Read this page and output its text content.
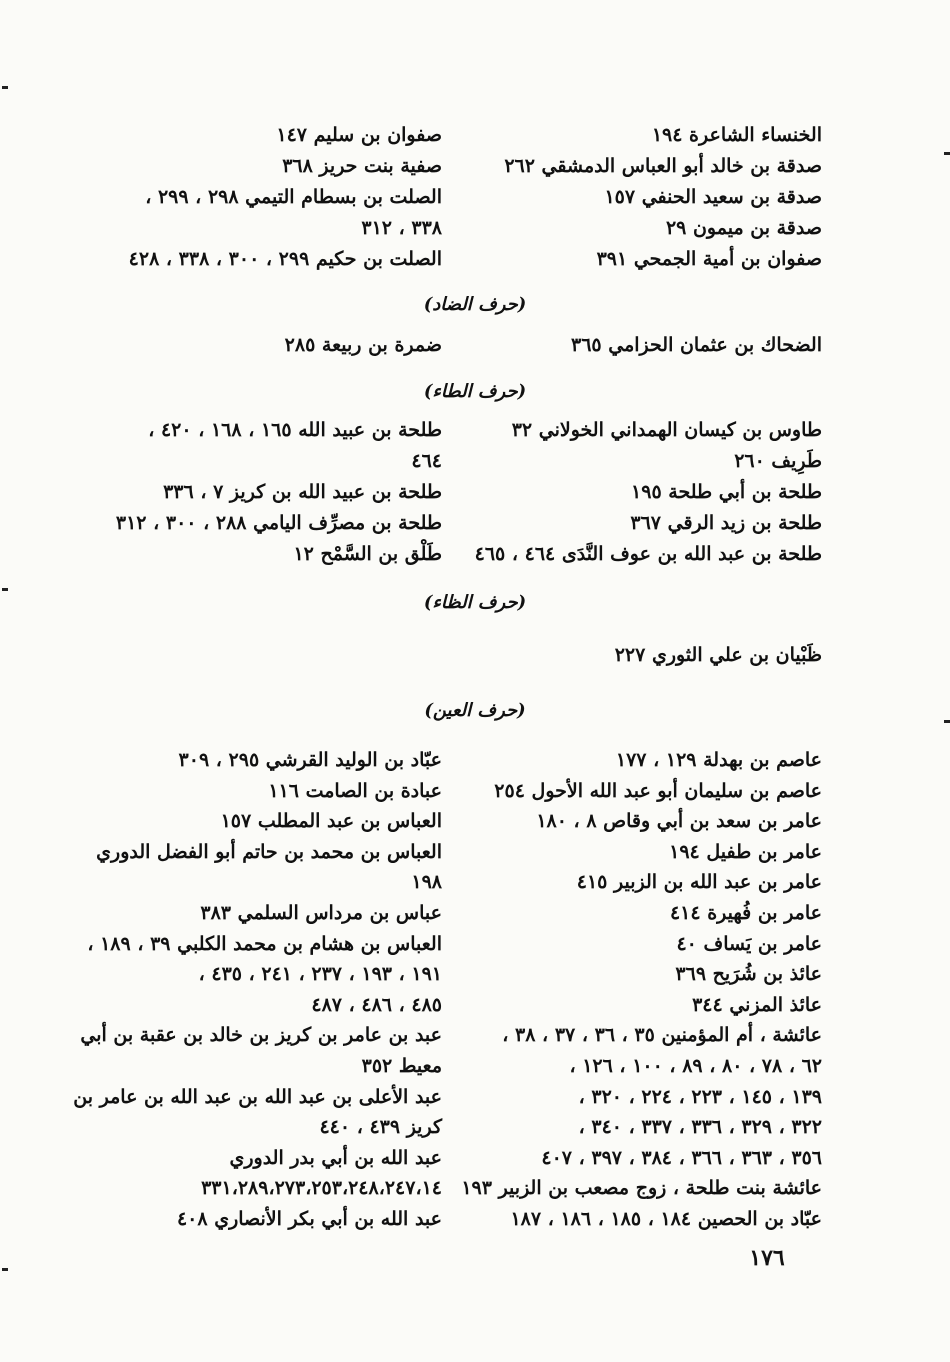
الخنساء الشاعرة ١٩٤
صدقة بن خالد أبو العباس الدمشقي ٢٦٢
صدقة بن سعيد الحنفي ١٥٧
صدقة بن ميمون ٢٩
صفوان بن أمية الجمحي ٣٩١
صفوان بن سليم ١٤٧
صفية بنت حريز ٣٦٨
الصلت بن بسطام التيمي ٢٩٨ ، ٢٩٩ ،
٣٣٨ ، ٣١٢
الصلت بن حكيم ٢٩٩ ، ٣٠٠ ، ٣٣٨ ، ٤٢٨
(حرف الضاد)
الضحاك بن عثمان الحزامي ٣٦٥
ضمرة بن ربيعة ٢٨٥
(حرف الطاء)
طاوس بن كيسان الهمداني الخولاني ٣٢
طَرِيف ٢٦٠
طلحة بن أبي طلحة ١٩٥
طلحة بن زيد الرقي ٣٦٧
طلحة بن عبد الله بن عوف النَّدَى ٤٦٤ ، ٤٦٥
طلحة بن عبيد الله ١٦٥ ، ١٦٨ ، ٤٢٠ ،
٤٦٤
طلحة بن عبيد الله بن كريز ٧ ، ٣٣٦
طلحة بن مصرِّف اليامي ٢٨٨ ، ٣٠٠ ، ٣١٢
طَلْق بن السَّمْح ١٢
(حرف الظاء)
ظَبْيان بن علي الثوري ٢٢٧
(حرف العين)
عاصم بن بهدلة ١٢٩ ، ١٧٧
عاصم بن سليمان أبو عبد الله الأحول ٢٥٤
عامر بن سعد بن أبي وقاص ٨ ، ١٨٠
عامر بن طفيل ١٩٤
عامر بن عبد الله بن الزبير ٤١٥
عامر بن فُهيرة ٤١٤
عامر بن يَساف ٤٠
عائذ بن شُرَيح ٣٦٩
عائذ المزني ٣٤٤
عائشة ، أم المؤمنين ٣٥ ، ٣٦ ، ٣٧ ، ٣٨ ،
٦٢ ، ٧٨ ، ٨٠ ، ٨٩ ، ١٠٠ ، ١٢٦ ،
١٣٩ ، ١٤٥ ، ٢٢٣ ، ٢٢٤ ، ٣٢٠ ،
٣٢٢ ، ٣٢٩ ، ٣٣٦ ، ٣٣٧ ، ٣٤٠ ،
٣٥٦ ، ٣٦٣ ، ٣٦٦ ، ٣٨٤ ، ٣٩٧ ، ٤٠٧
عائشة بنت طلحة ، زوج مصعب بن الزبير ١٩٣
عبّاد بن الحصين ١٨٤ ، ١٨٥ ، ١٨٦ ، ١٨٧
عبّاد بن الوليد القرشي ٢٩٥ ، ٣٠٩
عبادة بن الصامت ١١٦
العباس بن عبد المطلب ١٥٧
العباس بن محمد بن حاتم أبو الفضل الدوري
١٩٨
عباس بن مرداس السلمي ٣٨٣
العباس بن هشام بن محمد الكلبي ٣٩ ، ١٨٩ ،
١٩١ ، ١٩٣ ، ٢٣٧ ، ٢٤١ ، ٤٣٥ ،
٤٨٥ ، ٤٨٦ ، ٤٨٧
عبد بن عامر بن كريز بن خالد بن عقبة بن أبي
معيط ٣٥٢
عبد الأعلى بن عبد الله بن عبد الله بن عامر بن
كريز ٤٣٩ ، ٤٤٠
عبد الله بن أبي بدر الدوري
٣٣١،٢٨٩،٢٧٣،٢٥٣،٢٤٨،٢٤٧،١٤
عبد الله بن أبي بكر الأنصاري ٤٠٨
١٧٦
